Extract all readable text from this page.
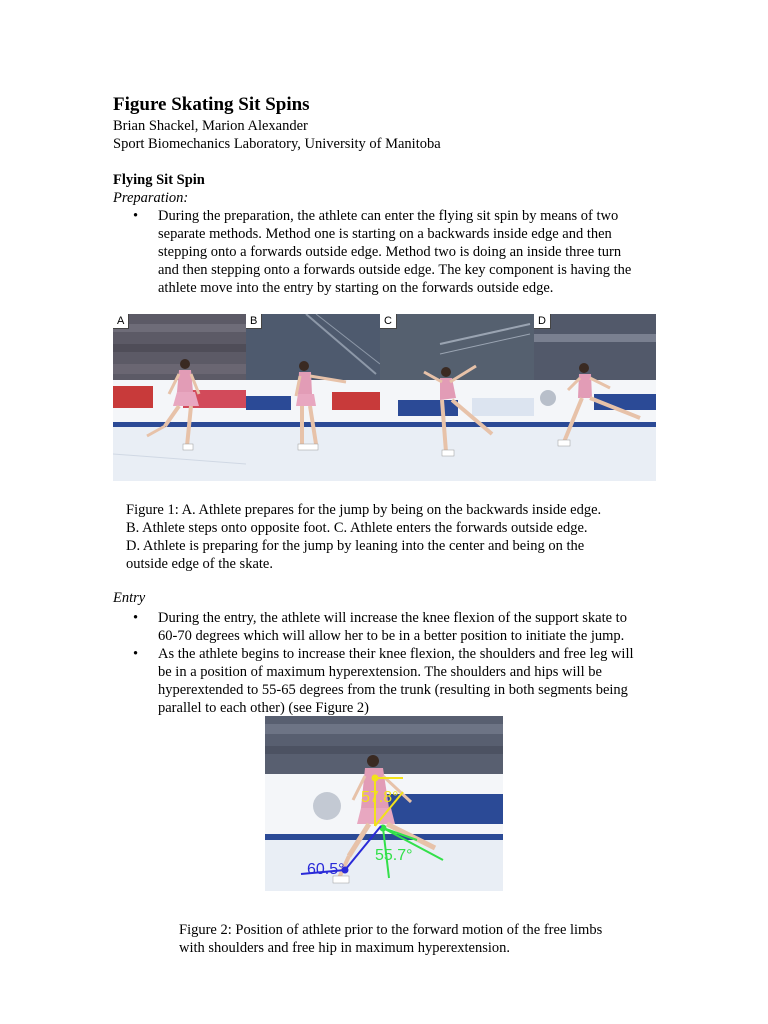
Figure Skating Sit Spins
Brian Shackel, Marion Alexander
Sport Biomechanics Laboratory, University of Manitoba
Flying Sit Spin
Preparation:
• During the preparation, the athlete can enter the flying sit spin by means of two
separate methods. Method one is starting on a backwards inside edge and then
stepping onto a forwards outside edge. Method two is doing an inside three turn
and then stepping onto a forwards outside edge. The key component is having the
athlete move into the entry by starting on the forwards outside edge.
A	B	C	D
Figure 1: A. Athlete prepares for the jump by being on the backwards inside edge.
B. Athlete steps onto opposite foot. C. Athlete enters the forwards outside edge.
D. Athlete is preparing for the jump by leaning into the center and being on the
outside edge of the skate.
Entry
• During the entry, the athlete will increase the knee flexion of the support skate to
60-70 degrees which will allow her to be in a better position to initiate the jump.
• As the athlete begins to increase their knee flexion, the shoulders and free leg will
be in a position of maximum hyperextension. The shoulders and hips will be
hyperextended to 55-65 degrees from the trunk (resulting in both segments being
parallel to each other) (see Figure 2)
57.8°
55.7°
60.5°
Figure 2: Position of athlete prior to the forward motion of the free limbs
with shoulders and free hip in maximum hyperextension.
